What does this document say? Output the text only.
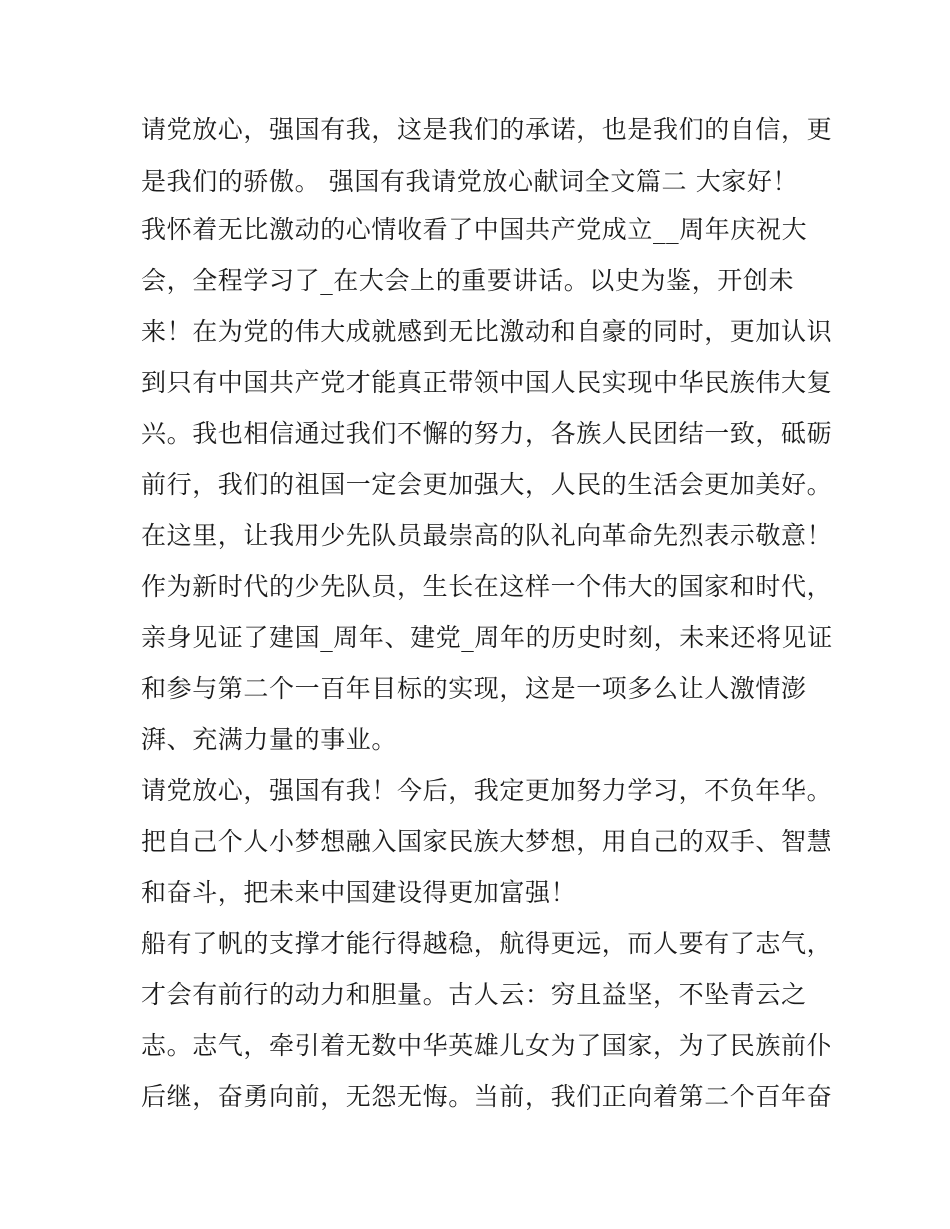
请党放心，强国有我，这是我们的承诺，也是我们的自信，更
是我们的骄傲。 强国有我请党放心献词全文篇二 大家好！
我怀着无比激动的心情收看了中国共产党成立__周年庆祝大
会，全程学习了_在大会上的重要讲话。以史为鉴，开创未
来！在为党的伟大成就感到无比激动和自豪的同时，更加认识
到只有中国共产党才能真正带领中国人民实现中华民族伟大复
兴。我也相信通过我们不懈的努力，各族人民团结一致，砥砺
前行，我们的祖国一定会更加强大，人民的生活会更加美好。
在这里，让我用少先队员最崇高的队礼向革命先烈表示敬意！
作为新时代的少先队员，生长在这样一个伟大的国家和时代，
亲身见证了建国_周年、建党_周年的历史时刻，未来还将见证
和参与第二个一百年目标的实现，这是一项多么让人激情澎
湃、充满力量的事业。
请党放心，强国有我！今后，我定更加努力学习，不负年华。
把自己个人小梦想融入国家民族大梦想，用自己的双手、智慧
和奋斗，把未来中国建设得更加富强！
船有了帆的支撑才能行得越稳，航得更远，而人要有了志气，
才会有前行的动力和胆量。古人云：穷且益坚，不坠青云之
志。志气，牵引着无数中华英雄儿女为了国家，为了民族前仆
后继，奋勇向前，无怨无悔。当前，我们正向着第二个百年奋
